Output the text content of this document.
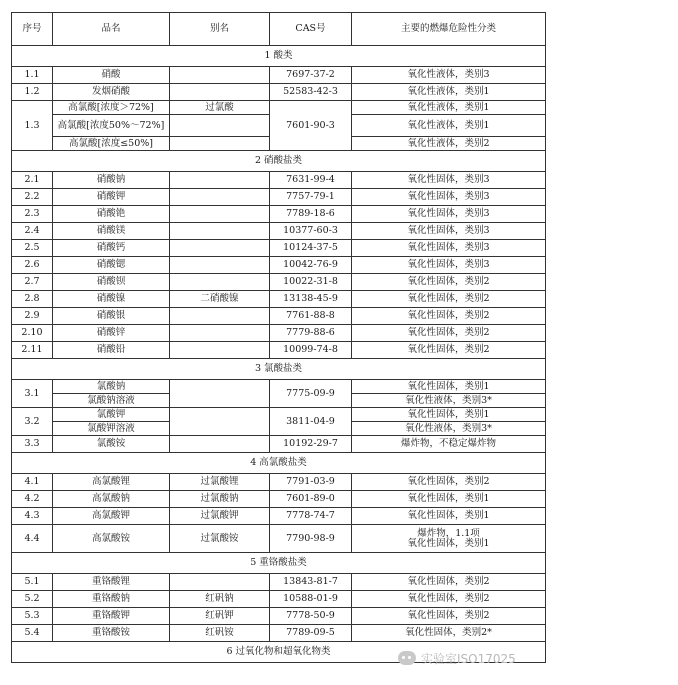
序号	品名	别名	CAS号	主要的燃爆危险性分类
1 酸类				
1.1	硝酸		7697-37-2	氧化性液体，类别3
1.2	发烟硝酸		52583-42-3	氧化性液体，类别1
1.3	高氯酸[浓度＞72%]	过氯酸	7601-90-3	氧化性液体，类别1
	高氯酸[浓度50%～72%]			氧化性液体，类别1
	高氯酸[浓度≤50%]			氧化性液体，类别2
2 硝酸盐类				
2.1	硝酸钠		7631-99-4	氧化性固体，类别3
2.2	硝酸钾		7757-79-1	氧化性固体，类别3
2.3	硝酸铯		7789-18-6	氧化性固体，类别3
2.4	硝酸镁		10377-60-3	氧化性固体，类别3
2.5	硝酸钙		10124-37-5	氧化性固体，类别3
2.6	硝酸锶		10042-76-9	氧化性固体，类别3
2.7	硝酸钡		10022-31-8	氧化性固体，类别2
2.8	硝酸镍	二硝酸镍	13138-45-9	氧化性固体，类别2
2.9	硝酸银		7761-88-8	氧化性固体，类别2
2.10	硝酸锌		7779-88-6	氧化性固体，类别2
2.11	硝酸铅		10099-74-8	氧化性固体，类别2
3 氯酸盐类				
3.1	氯酸钠		7775-09-9	氧化性固体，类别1
	氯酸钠溶液			氧化性液体，类别3*
3.2	氯酸钾		3811-04-9	氧化性固体，类别1
	氯酸钾溶液			氧化性液体，类别3*
3.3	氯酸铵		10192-29-7	爆炸物，不稳定爆炸物
4 高氯酸盐类				
4.1	高氯酸锂	过氯酸锂	7791-03-9	氧化性固体，类别2
4.2	高氯酸钠	过氯酸钠	7601-89-0	氧化性固体，类别1
4.3	高氯酸钾	过氯酸钾	7778-74-7	氧化性固体，类别1
4.4	高氯酸铵	过氯酸铵	7790-98-9	爆炸物，1.1项
氧化性固体，类别1

5 重铬酸盐类				
5.1	重铬酸锂		13843-81-7	氧化性固体，类别2
5.2	重铬酸钠	红矾钠	10588-01-9	氧化性固体，类别2
5.3	重铬酸钾	红矾钾	7778-50-9	氧化性固体，类别2
5.4	重铬酸铵	红矾铵	7789-09-5	氧化性固体，类别2*
6 过氧化物和超氧化物类					实验室ISO17025
